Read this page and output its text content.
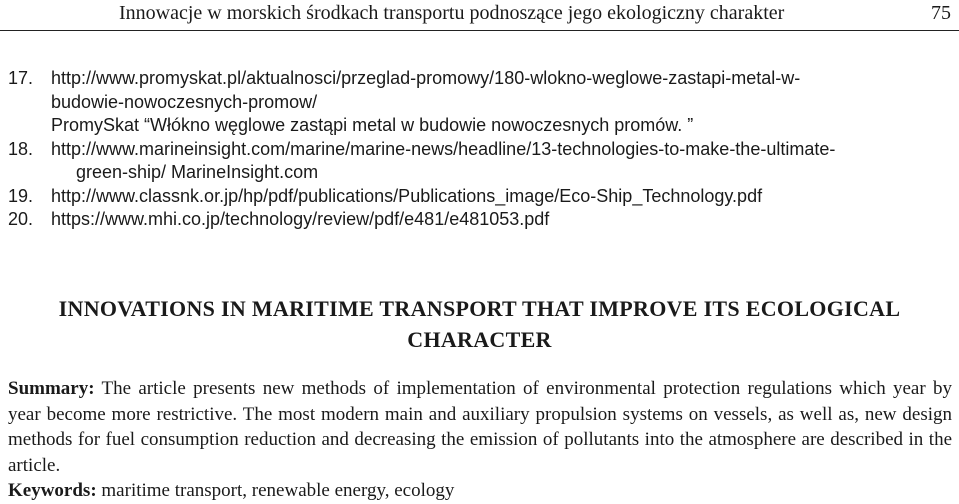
Innowacje w morskich środkach transportu podnoszące jego ekologiczny charakter	75
17. http://www.promyskat.pl/aktualnosci/przeglad-promowy/180-wlokno-weglowe-zastapi-metal-w-
budowie-nowoczesnych-promow/
PromySkat “Włókno węglowe zastąpi metal w budowie nowoczesnych promów. ”
18. http://www.marineinsight.com/marine/marine-news/headline/13-technologies-to-make-the-ultimate-
green-ship/ MarineInsight.com
19. http://www.classnk.or.jp/hp/pdf/publications/Publications_image/Eco-Ship_Technology.pdf
20. https://www.mhi.co.jp/technology/review/pdf/e481/e481053.pdf
INNOVATIONS IN MARITIME TRANSPORT THAT IMPROVE ITS ECOLOGICAL
CHARACTER
Summary: The article presents new methods of implementation of environmental protection regulations which year by year become more restrictive. The most modern main and auxiliary propulsion systems on vessels, as well as, new design methods for fuel consumption reduction and decreasing the emission of pollutants into the atmosphere are described in the article.
Keywords: maritime transport, renewable energy, ecology
